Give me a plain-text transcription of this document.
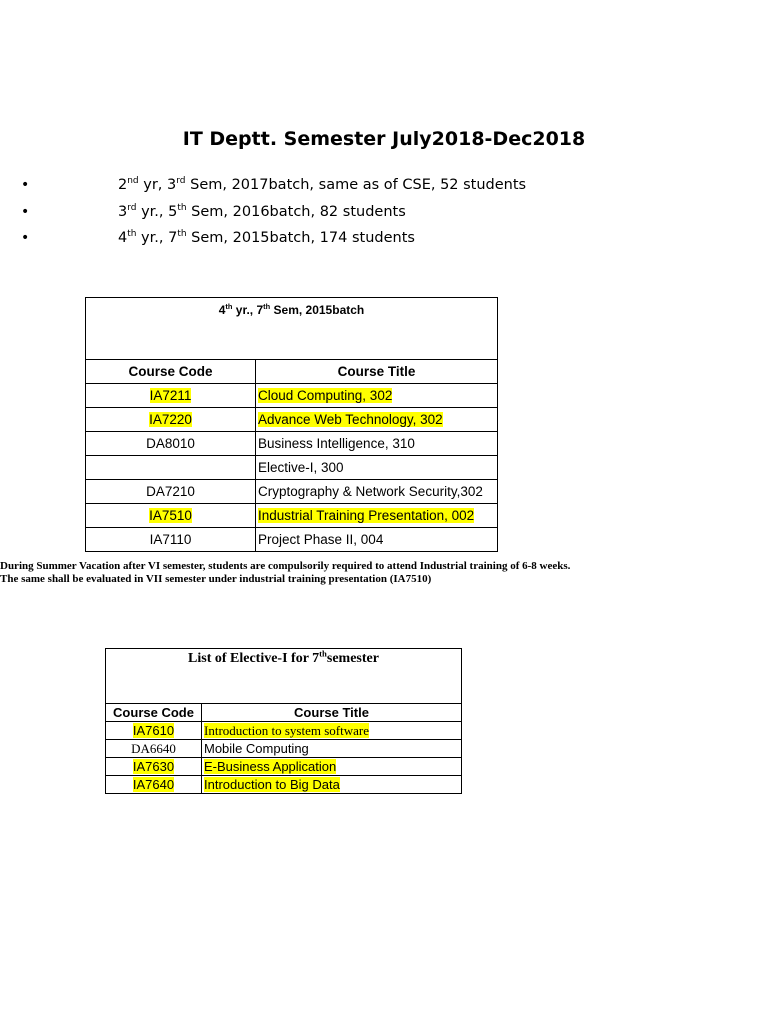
IT Deptt. Semester July2018-Dec2018
•	2nd yr, 3rd Sem, 2017batch, same as of CSE, 52 students
•	3rd yr., 5th Sem, 2016batch, 82 students
•	4th yr., 7th Sem, 2015batch, 174 students
4th yr., 7th Sem, 2015batch	
Course Code	Course Title
IA7211	Cloud Computing, 302
IA7220	Advance Web Technology, 302
DA8010	Business Intelligence, 310
	Elective-I, 300
DA7210	Cryptography & Network Security,302
IA7510	Industrial Training Presentation, 002
IA7110	Project Phase II, 004

During Summer Vacation after VI semester, students are compulsorily required to attend Industrial training of 6-8 weeks.
The same shall be evaluated in VII semester under industrial training presentation (IA7510)

List of Elective-I for 7thsemester	
Course Code	Course Title
IA7610	Introduction to system software
DA6640	Mobile Computing
IA7630	E-Business Application
IA7640	Introduction to Big Data
